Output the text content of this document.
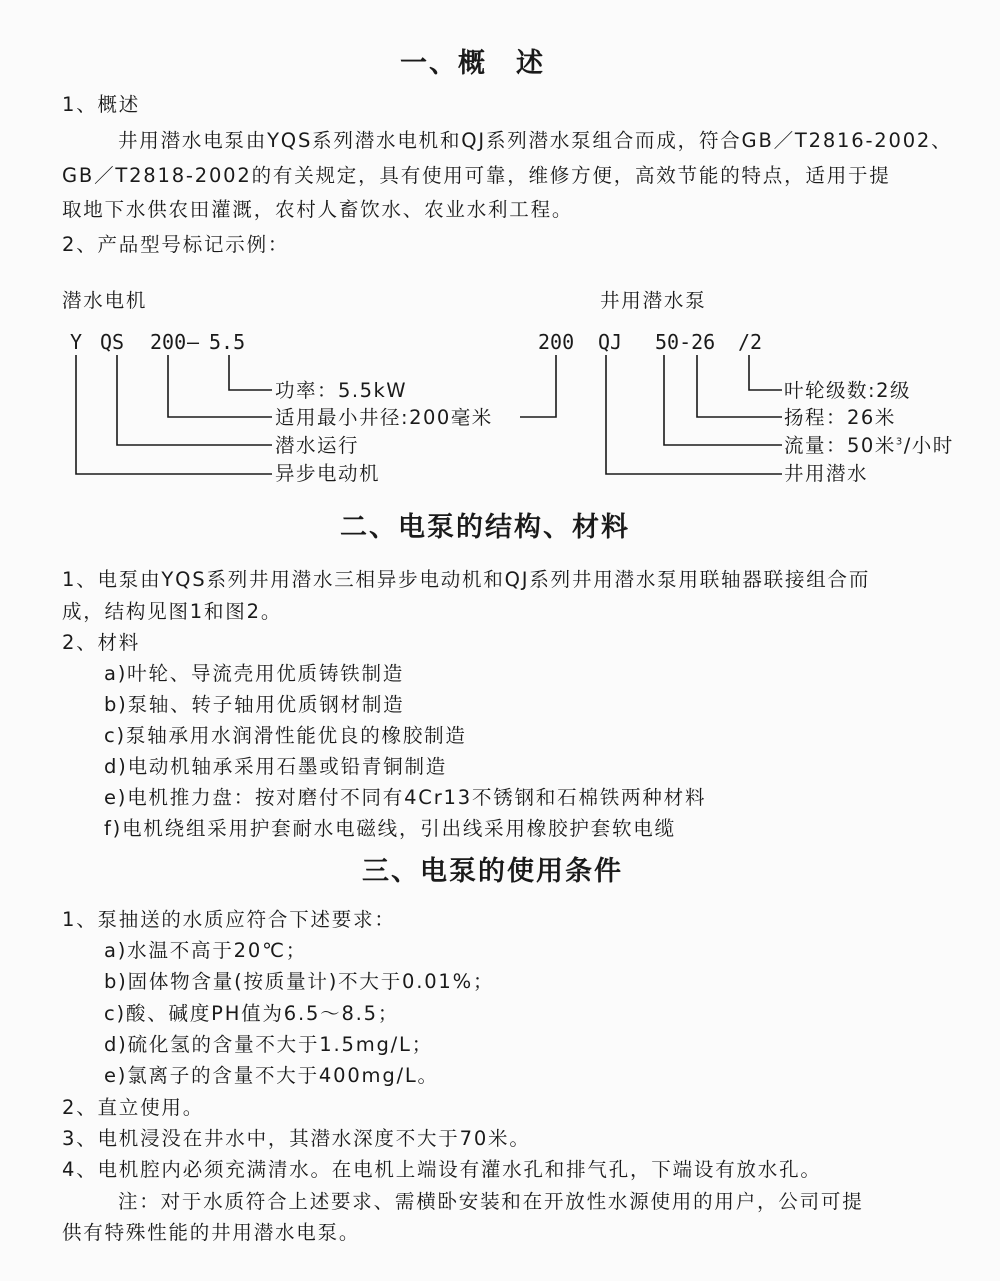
一、概　述
1、概述
井用潜水电泵由YQS系列潜水电机和QJ系列潜水泵组合而成，符合GB／T2816-2002、
GB／T2818-2002的有关规定，具有使用可靠，维修方便，高效节能的特点，适用于提
取地下水供农田灌溉，农村人畜饮水、农业水利工程。
2、产品型号标记示例：
潜水电机
Y QS 200 — 5.5
功率：5.5kW
适用最小井径:200毫米
潜水运行
异步电动机
井用潜水泵
200 QJ 50-26 /2
叶轮级数:2级
扬程：26米
流量：50米$^3$/小时
井用潜水
二、电泵的结构、材料
1、电泵由YQS系列井用潜水三相异步电动机和QJ系列井用潜水泵用联轴器联接组合而
成，结构见图1和图2。
2、材料
a)叶轮、导流壳用优质铸铁制造
b)泵轴、转子轴用优质钢材制造
c)泵轴承用水润滑性能优良的橡胶制造
d)电动机轴承采用石墨或铅青铜制造
e)电机推力盘：按对磨付不同有4Cr13不锈钢和石棉铁两种材料
f)电机绕组采用护套耐水电磁线，引出线采用橡胶护套软电缆
三、电泵的使用条件
1、泵抽送的水质应符合下述要求：
a)水温不高于20℃；
b)固体物含量(按质量计)不大于0.01%；
c)酸、碱度PH值为6.5～8.5；
d)硫化氢的含量不大于1.5mg/L；
e)氯离子的含量不大于400mg/L。
2、直立使用。
3、电机浸没在井水中，其潜水深度不大于70米。
4、电机腔内必须充满清水。在电机上端设有灌水孔和排气孔，下端设有放水孔。
注：对于水质符合上述要求、需横卧安装和在开放性水源使用的用户，公司可提
供有特殊性能的井用潜水电泵。
